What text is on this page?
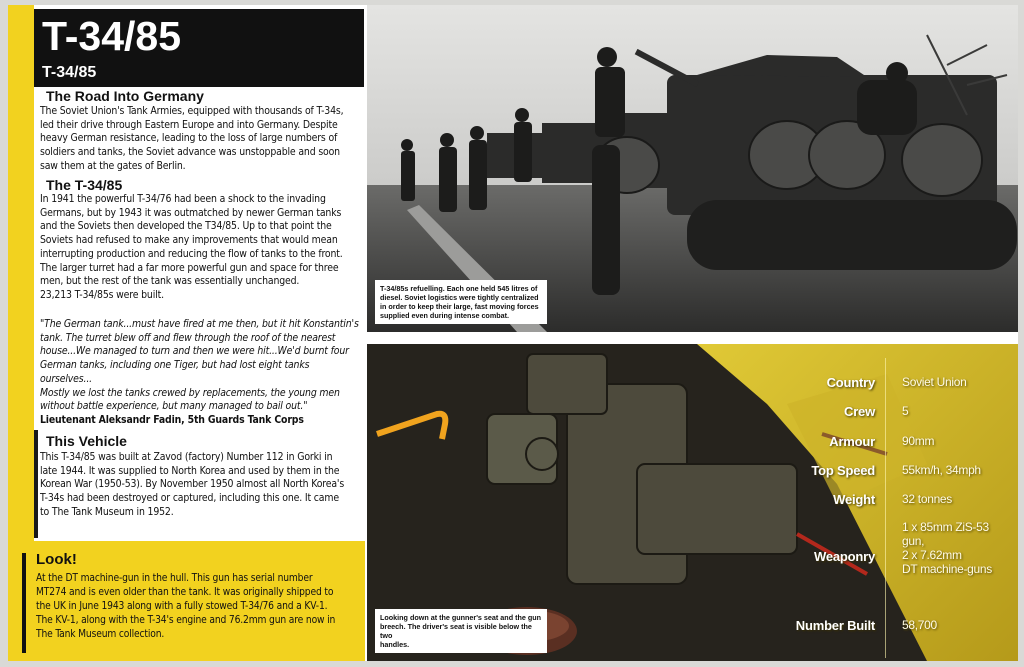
T-34/85
T-34/85
The Road Into Germany
The Soviet Union's Tank Armies, equipped with thousands of T-34s,
led their drive through Eastern Europe and into Germany. Despite
heavy German resistance, leading to the loss of large numbers of
soldiers and tanks, the Soviet advance was unstoppable and soon
saw them at the gates of Berlin.
The T-34/85
In 1941 the powerful T-34/76 had been a shock to the invading
Germans, but by 1943 it was outmatched by newer German tanks
and the Soviets then developed the T34/85. Up to that point the
Soviets had refused to make any improvements that would mean
interrupting production and reducing the flow of tanks to the front.
The larger turret had a far more powerful gun and space for three
men, but the rest of the tank was essentially unchanged.
23,213 T-34/85s were built.
"The German tank...must have fired at me then, but it hit Konstantin's
tank. The turret blew off and flew through the roof of the nearest
house...We managed to turn and then we were hit...We'd burnt four
German tanks, including one Tiger, but had lost eight tanks ourselves...
Mostly we lost the tanks crewed by replacements, the young men
without battle experience, but many managed to bail out."
Lieutenant Aleksandr Fadin, 5th Guards Tank Corps
This Vehicle
This T-34/85 was built at Zavod (factory) Number 112 in Gorki in
late 1944. It was supplied to North Korea and used by them in the
Korean War (1950-53). By November 1950 almost all North Korea's
T-34s had been destroyed or captured, including this one. It came
to The Tank Museum in 1952.
Look!
At the DT machine-gun in the hull. This gun has serial number
MT274 and is even older than the tank. It was originally shipped to
the UK in June 1943 along with a fully stowed T-34/76 and a KV-1.
The KV-1, along with the T-34's engine and 76.2mm gun are now in
The Tank Museum collection.
T-34/85s refuelling. Each one held 545 litres of
diesel. Soviet logistics were tightly centralized
in order to keep their large, fast moving forces
supplied even during intense combat.
Country Soviet Union
Crew 5
Armour 90mm
Top Speed 55km/h, 34mph
Weight 32 tonnes
Weaponry
1 x 85mm ZiS-53
gun,
2 x 7.62mm
DT machine-guns
Number Built 58,700
Looking down at the gunner's seat and the gun
breech. The driver's seat is visible below the two
handles.
